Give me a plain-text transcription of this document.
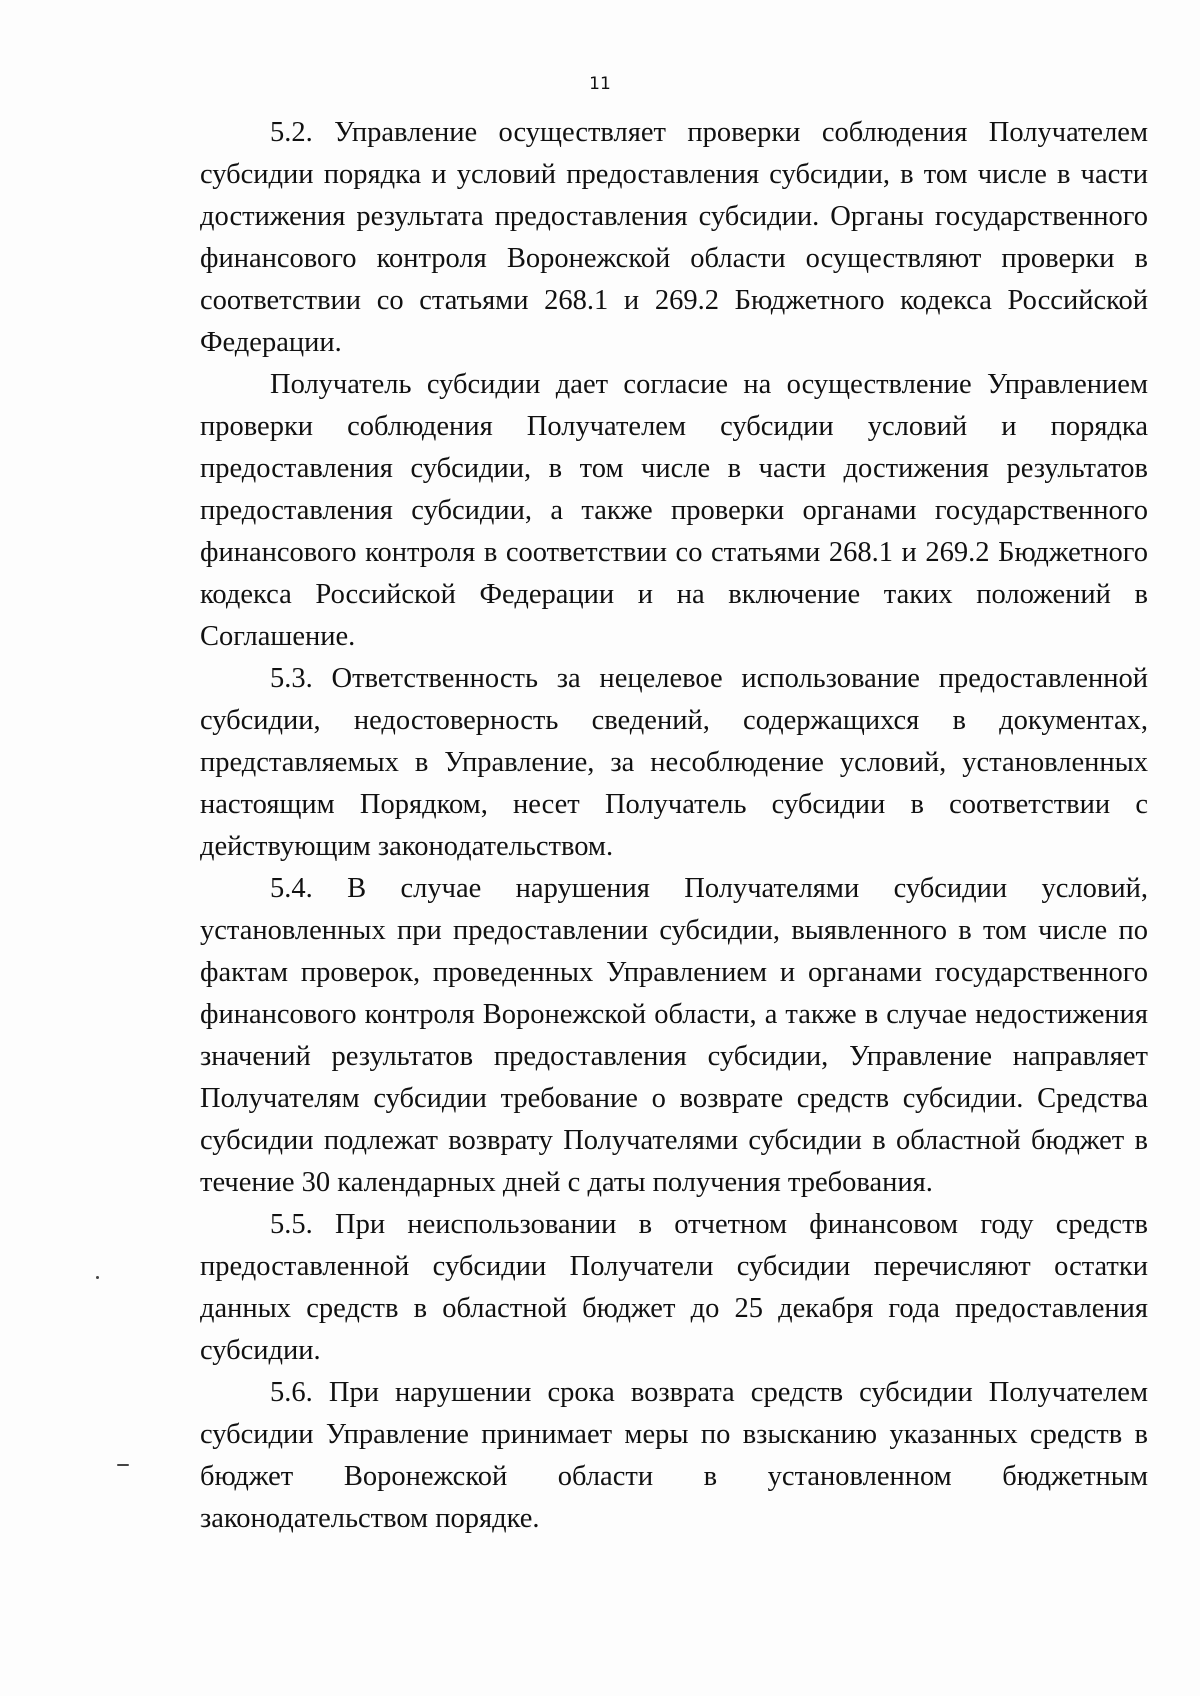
11

5.2. Управление осуществляет проверки соблюдения Получателем субсидии порядка и условий предоставления субсидии, в том числе в части достижения результата предоставления субсидии. Органы государственного финансового контроля Воронежской области осуществляют проверки в соответствии со статьями 268.1 и 269.2 Бюджетного кодекса Российской Федерации.

Получатель субсидии дает согласие на осуществление Управлением проверки соблюдения Получателем субсидии условий и порядка предоставления субсидии, в том числе в части достижения результатов предоставления субсидии, а также проверки органами государственного финансового контроля в соответствии со статьями 268.1 и 269.2 Бюджетного кодекса Российской Федерации и на включение таких положений в Соглашение.

5.3. Ответственность за нецелевое использование предоставленной субсидии, недостоверность сведений, содержащихся в документах, представляемых в Управление, за несоблюдение условий, установленных настоящим Порядком, несет Получатель субсидии в соответствии с действующим законодательством.

5.4. В случае нарушения Получателями субсидии условий, установленных при предоставлении субсидии, выявленного в том числе по фактам проверок, проведенных Управлением и органами государственного финансового контроля Воронежской области, а также в случае недостижения значений результатов предоставления субсидии, Управление направляет Получателям субсидии требование о возврате средств субсидии. Средства субсидии подлежат возврату Получателями субсидии в областной бюджет в течение 30 календарных дней с даты получения требования.

5.5. При неиспользовании в отчетном финансовом году средств предоставленной субсидии Получатели субсидии перечисляют остатки данных средств в областной бюджет до 25 декабря года предоставления субсидии.

5.6. При нарушении срока возврата средств субсидии Получателем субсидии Управление принимает меры по взысканию указанных средств в бюджет Воронежской области в установленном бюджетным законодательством порядке.
